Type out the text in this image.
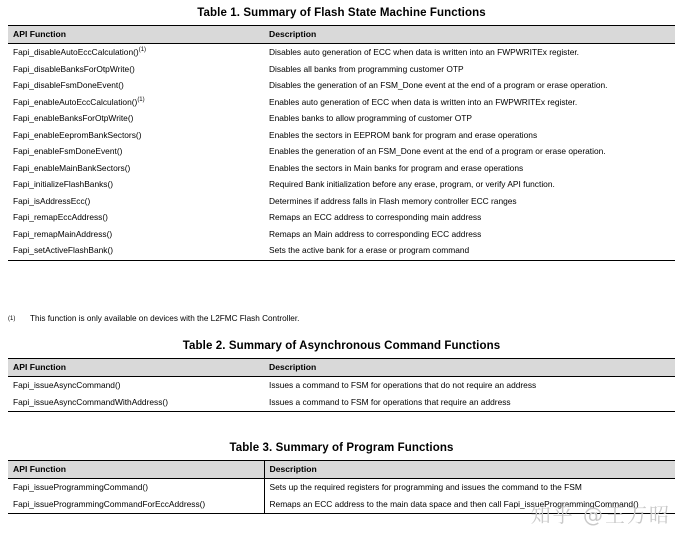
Table 1. Summary of Flash State Machine Functions
API Function	Description
Fapi_disableAutoEccCalculation()$^{(1)}$	Disables auto generation of ECC when data is written into an FWPWRITEx register.
Fapi_disableBanksForOtpWrite()	Disables all banks from programming customer OTP
Fapi_disableFsmDoneEvent()	Disables the generation of an FSM_Done event at the end of a program or erase operation.
Fapi_enableAutoEccCalculation()$^{(1)}$	Enables auto generation of ECC when data is written into an FWPWRITEx register.
Fapi_enableBanksForOtpWrite()	Enables banks to allow programming of customer OTP
Fapi_enableEepromBankSectors()	Enables the sectors in EEPROM bank for program and erase operations
Fapi_enableFsmDoneEvent()	Enables the generation of an FSM_Done event at the end of a program or erase operation.
Fapi_enableMainBankSectors()	Enables the sectors in Main banks for program and erase operations
Fapi_initializeFlashBanks()	Required Bank initialization before any erase, program, or verify API function.
Fapi_isAddressEcc()	Determines if address falls in Flash memory controller ECC ranges
Fapi_remapEccAddress()	Remaps an ECC address to corresponding main address
Fapi_remapMainAddress()	Remaps an Main address to corresponding ECC address
Fapi_setActiveFlashBank()	Sets the active bank for a erase or program command
(1) This function is only available on devices with the L2FMC Flash Controller.
Table 2. Summary of Asynchronous Command Functions
API Function	Description
Fapi_issueAsyncCommand()	Issues a command to FSM for operations that do not require an address
Fapi_issueAsyncCommandWithAddress()	Issues a command to FSM for operations that require an address
Table 3. Summary of Program Functions
API Function	Description
Fapi_issueProgrammingCommand()	Sets up the required registers for programming and issues the command to the FSM
Fapi_issueProgrammingCommandForEccAddress()	Remaps an ECC address to the main data space and then call Fapi_issueProgrammingCommand()
知乎 @王万昭
